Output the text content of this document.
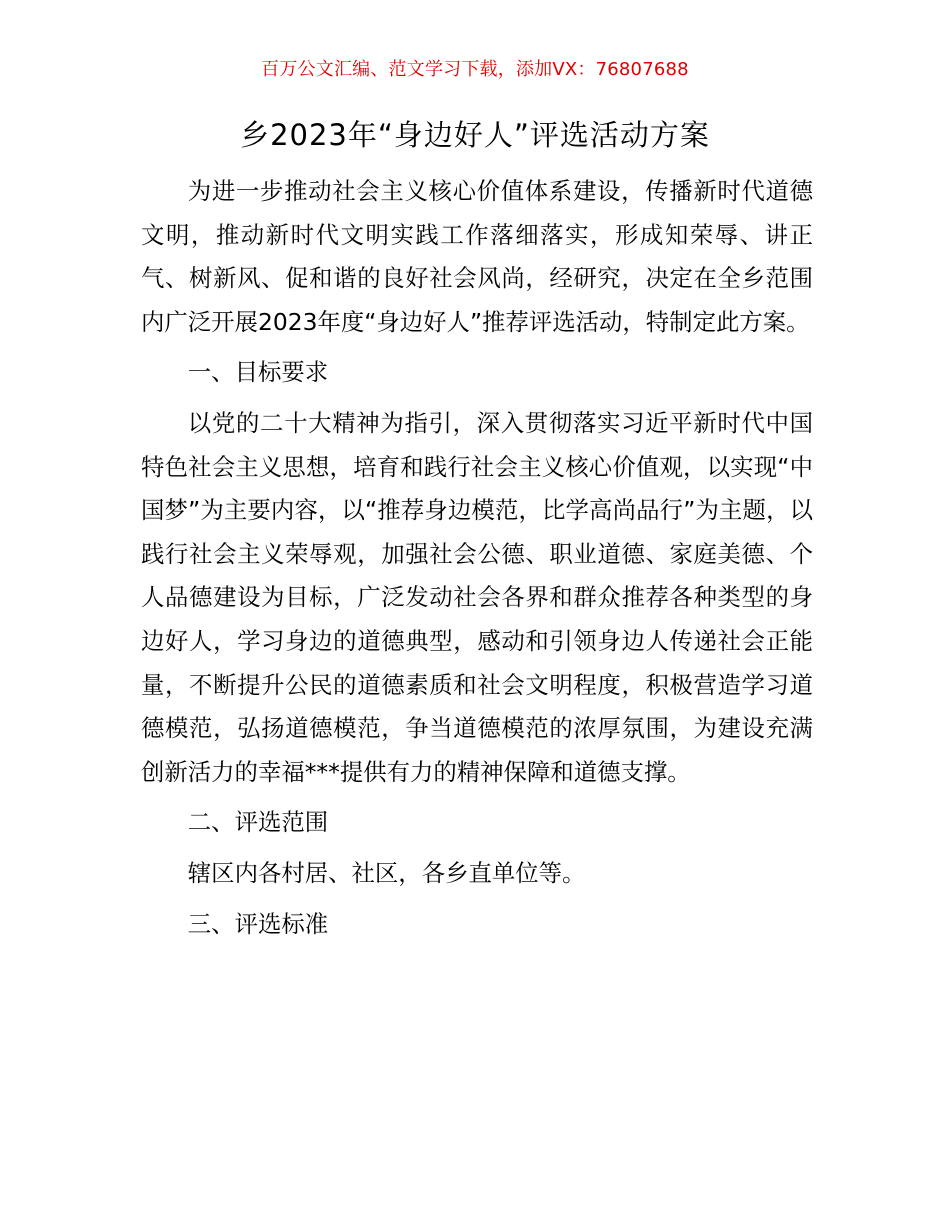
百万公文汇编、范文学习下载，添加VX：76807688
乡2023年“身边好人”评选活动方案

为进一步推动社会主义核心价值体系建设，传播新时代道德文明，推动新时代文明实践工作落细落实，形成知荣辱、讲正气、树新风、促和谐的良好社会风尚，经研究，决定在全乡范围内广泛开展2023年度“身边好人”推荐评选活动，特制定此方案。

一、目标要求

以党的二十大精神为指引，深入贯彻落实习近平新时代中国特色社会主义思想，培育和践行社会主义核心价值观，以实现“中国梦”为主要内容，以“推荐身边模范，比学高尚品行”为主题，以践行社会主义荣辱观，加强社会公德、职业道德、家庭美德、个人品德建设为目标，广泛发动社会各界和群众推荐各种类型的身边好人，学习身边的道德典型，感动和引领身边人传递社会正能量，不断提升公民的道德素质和社会文明程度，积极营造学习道德模范，弘扬道德模范，争当道德模范的浓厚氛围，为建设充满创新活力的幸福***提供有力的精神保障和道德支撑。

二、评选范围

辖区内各村居、社区，各乡直单位等。

三、评选标准
